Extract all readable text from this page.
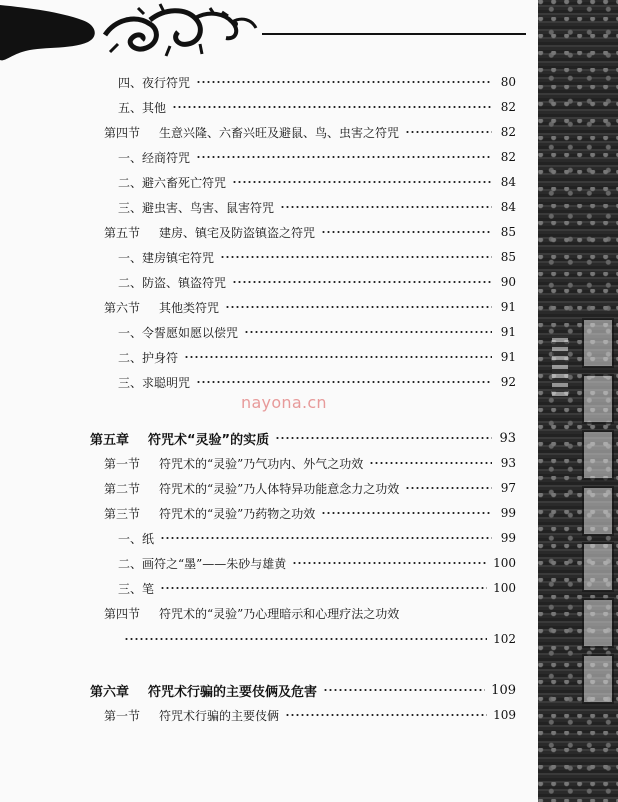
四、夜行符咒	80
五、其他	82
第四节	生意兴隆、六畜兴旺及避鼠、鸟、虫害之符咒	82
一、经商符咒	82
二、避六畜死亡符咒	84
三、避虫害、鸟害、鼠害符咒	84
第五节	建房、镇宅及防盗镇盗之符咒	85
一、建房镇宅符咒	85
二、防盗、镇盗符咒	90
第六节	其他类符咒	91
一、令誓愿如愿以偿咒	91
二、护身符	91
三、求聪明咒	92
第五章	符咒术“灵验”的实质	93
第一节	符咒术的“灵验”乃气功内、外气之功效	93
第二节	符咒术的“灵验”乃人体特异功能意念力之功效	97
第三节	符咒术的“灵验”乃药物之功效	99
一、纸	99
二、画符之“墨”——朱砂与雄黄	100
三、笔	100
第四节	符咒术的“灵验”乃心理暗示和心理疗法之功效
102
第六章	符咒术行骗的主要伎俩及危害	109
第一节	符咒术行骗的主要伎俩	109
nayona.cn
